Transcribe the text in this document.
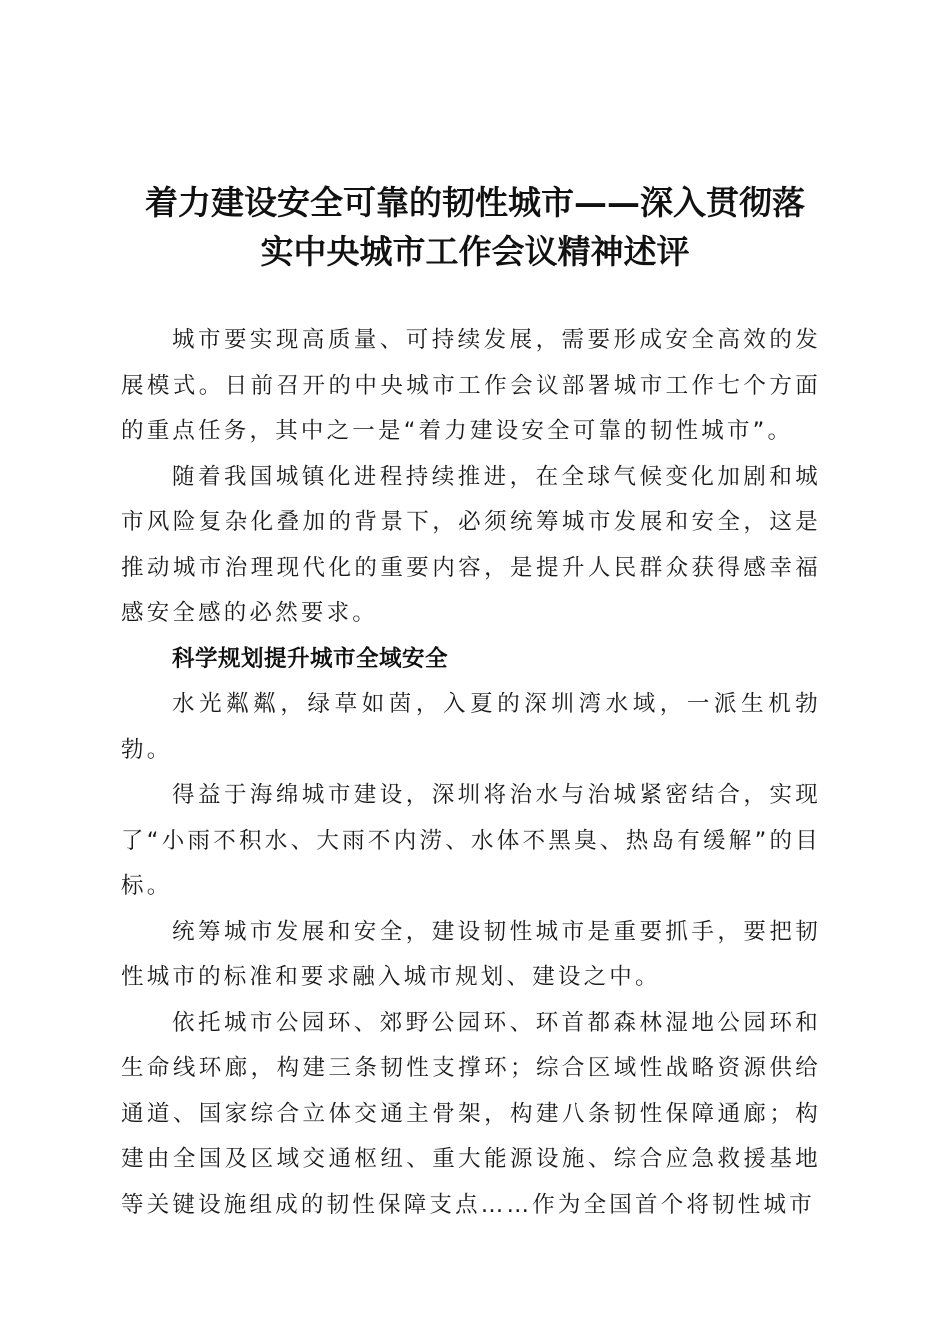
着力建设安全可靠的韧性城市——深入贯彻落
实中央城市工作会议精神述评

城市要实现高质量、可持续发展，需要形成安全高效的发展模式。日前召开的中央城市工作会议部署城市工作七个方面的重点任务，其中之一是“着力建设安全可靠的韧性城市”。

随着我国城镇化进程持续推进，在全球气候变化加剧和城市风险复杂化叠加的背景下，必须统筹城市发展和安全，这是推动城市治理现代化的重要内容，是提升人民群众获得感幸福感安全感的必然要求。

科学规划提升城市全域安全

水光粼粼，绿草如茵，入夏的深圳湾水域，一派生机勃勃。

得益于海绵城市建设，深圳将治水与治城紧密结合，实现了“小雨不积水、大雨不内涝、水体不黑臭、热岛有缓解”的目标。

统筹城市发展和安全，建设韧性城市是重要抓手，要把韧性城市的标准和要求融入城市规划、建设之中。

依托城市公园环、郊野公园环、环首都森林湿地公园环和生命线环廊，构建三条韧性支撑环；综合区域性战略资源供给通道、国家综合立体交通主骨架，构建八条韧性保障通廊；构建由全国及区域交通枢纽、重大能源设施、综合应急救援基地等关键设施组成的韧性保障支点……作为全国首个将韧性城市
